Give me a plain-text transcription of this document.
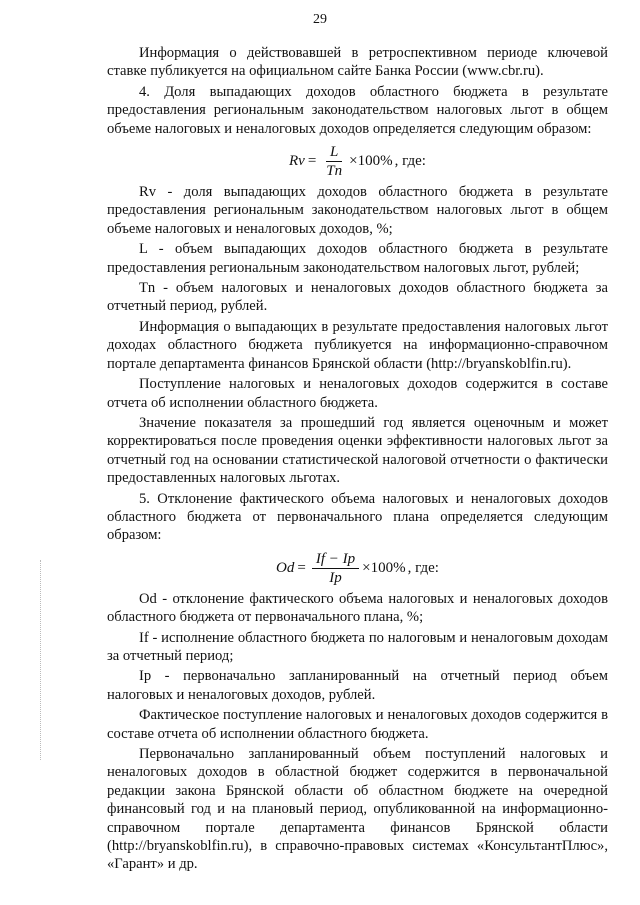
29

Информация о действовавшей в ретроспективном периоде ключевой ставке публикуется на официальном сайте Банка России (www.cbr.ru).

4. Доля выпадающих доходов областного бюджета в результате предоставления региональным законодательством налоговых льгот в общем объеме налоговых и неналоговых доходов определяется следующим образом:

$Rv = \frac{L}{Tn} \times 100\%$ , где:

Rv - доля выпадающих доходов областного бюджета в результате предоставления региональным законодательством налоговых льгот в общем объеме налоговых и неналоговых доходов, %;

L - объем выпадающих доходов областного бюджета в результате предоставления региональным законодательством налоговых льгот, рублей;

Tn - объем налоговых и неналоговых доходов областного бюджета за отчетный период, рублей.

Информация о выпадающих в результате предоставления налоговых льгот доходах областного бюджета публикуется на информационно-справочном портале департамента финансов Брянской области (http://bryanskoblfin.ru).

Поступление налоговых и неналоговых доходов содержится в составе отчета об исполнении областного бюджета.

Значение показателя за прошедший год является оценочным и может корректироваться после проведения оценки эффективности налоговых льгот за отчетный год на основании статистической налоговой отчетности о фактически предоставленных налоговых льготах.

5. Отклонение фактического объема налоговых и неналоговых доходов областного бюджета от первоначального плана определяется следующим образом:

$Od = \frac{If - Ip}{Ip} \times 100\%$ , где:

Od - отклонение фактического объема налоговых и неналоговых доходов областного бюджета от первоначального плана, %;

If - исполнение областного бюджета по налоговым и неналоговым доходам за отчетный период;

Ip - первоначально запланированный на отчетный период объем налоговых и неналоговых доходов, рублей.

Фактическое поступление налоговых и неналоговых доходов содержится в составе отчета об исполнении областного бюджета.

Первоначально запланированный объем поступлений налоговых и неналоговых доходов в областной бюджет содержится в первоначальной редакции закона Брянской области об областном бюджете на очередной финансовый год и на плановый период, опубликованной на информационно-справочном портале департамента финансов Брянской области (http://bryanskoblfin.ru), в справочно-правовых системах «КонсультантПлюс», «Гарант» и др.
